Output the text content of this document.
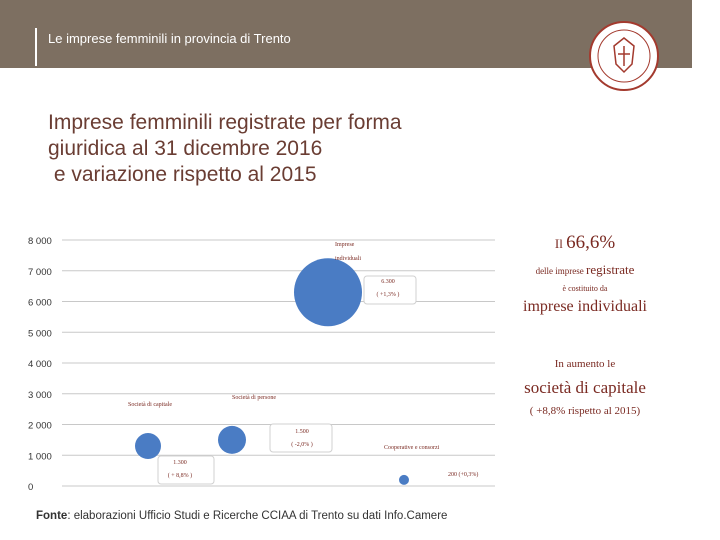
Le imprese femminili in provincia di Trento
Imprese femminili registrate per forma
giuridica al 31 dicembre 2016
e variazione rispetto al 2015
8 000
7 000
6 000
5 000
4 000
3 000
2 000
1 000
0
Imprese
individuali
6.300
( +1,3% )
Società di capitale
1.300
( + 8,8% )
Società di persone
1.500
( -2,0% )	Cooperative e consorzi
200 (+0,3%)
Il 66,6%
delle imprese registrate
è costituito da
imprese individuali
In aumento le
società di capitale
( +8,8% rispetto al 2015)
Fonte: elaborazioni Ufficio Studi e Ricerche CCIAA di Trento su dati Info.Camere
